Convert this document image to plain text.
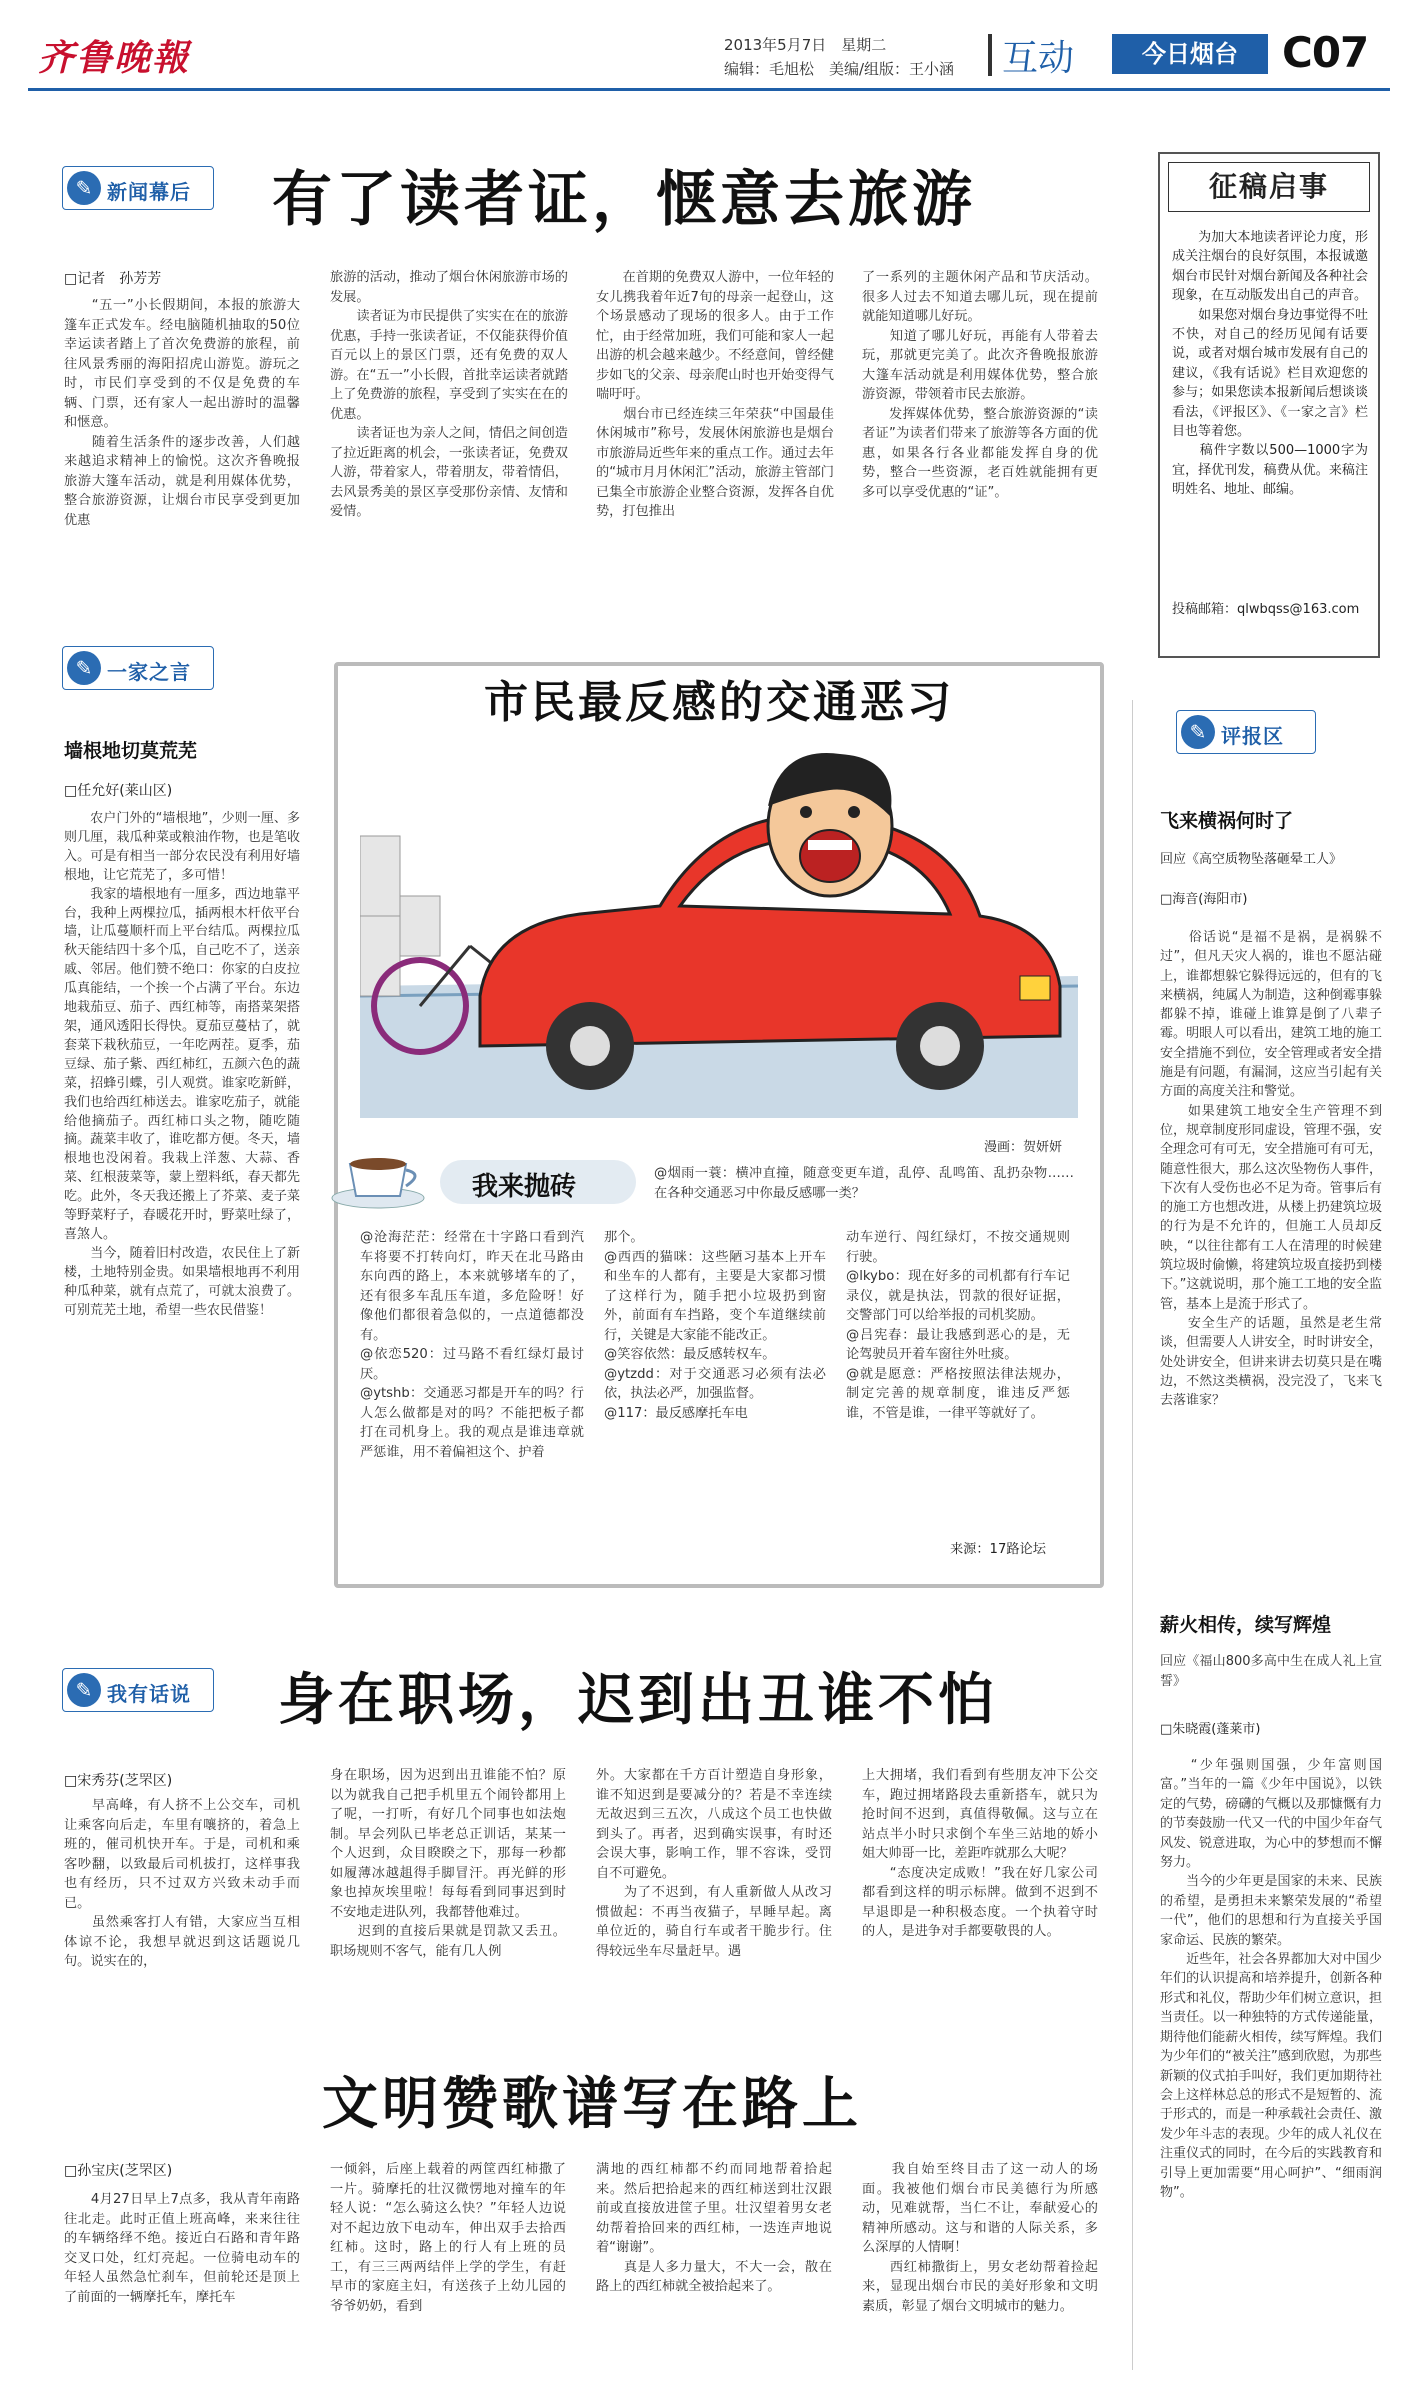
齐鲁晚報	2013年5月7日　星期二
编辑：毛旭松　美编/组版：王小涵 互动	今日烟台	C07
✎ 新闻幕后 有了读者证，惬意去旅游
□记者　孙芳芳
　　“五一”小长假期间，本报的旅游大篷车正式发车。经电脑随机抽取的50位幸运读者踏上了首次免费游的旅程，前往风景秀丽的海阳招虎山游览。游玩之时，市民们享受到的不仅是免费的车辆、门票，还有家人一起出游时的温馨和惬意。
　　随着生活条件的逐步改善，人们越来越追求精神上的愉悦。这次齐鲁晚报旅游大篷车活动，就是利用媒体优势，整合旅游资源，让烟台市民享受到更加优惠
旅游的活动，推动了烟台休闲旅游市场的发展。
　　读者证为市民提供了实实在在的旅游优惠，手持一张读者证，不仅能获得价值百元以上的景区门票，还有免费的双人游。在“五一”小长假，首批幸运读者就踏上了免费游的旅程，享受到了实实在在的优惠。
　　读者证也为亲人之间，情侣之间创造了拉近距离的机会，一张读者证，免费双人游，带着家人，带着朋友，带着情侣，去风景秀美的景区享受那份亲情、友情和爱情。
　　在首期的免费双人游中，一位年轻的女儿携我着年近7旬的母亲一起登山，这个场景感动了现场的很多人。由于工作忙，由于经常加班，我们可能和家人一起出游的机会越来越少。不经意间，曾经健步如飞的父亲、母亲爬山时也开始变得气喘吁吁。
　　烟台市已经连续三年荣获“中国最佳休闲城市”称号，发展休闲旅游也是烟台市旅游局近些年来的重点工作。通过去年的“城市月月休闲汇”活动，旅游主管部门已集全市旅游企业整合资源，发挥各自优势，打包推出
了一系列的主题休闲产品和节庆活动。很多人过去不知道去哪儿玩，现在提前就能知道哪儿好玩。
　　知道了哪儿好玩，再能有人带着去玩，那就更完美了。此次齐鲁晚报旅游大篷车活动就是利用媒体优势，整合旅游资源，带领着市民去旅游。
　　发挥媒体优势，整合旅游资源的“读者证”为读者们带来了旅游等各方面的优惠，如果各行各业都能发挥自身的优势，整合一些资源，老百姓就能拥有更多可以享受优惠的“证”。
征稿启事
　　为加大本地读者评论力度，形成关注烟台的良好氛围，本报诚邀烟台市民针对烟台新闻及各种社会现象，在互动版发出自己的声音。
　　如果您对烟台身边事觉得不吐不快，对自己的经历见闻有话要说，或者对烟台城市发展有自己的建议，《我有话说》栏目欢迎您的参与；如果您读本报新闻后想谈谈看法，《评报区》、《一家之言》栏目也等着您。
　　稿件字数以500—1000字为宜，择优刊发，稿费从优。来稿注明姓名、地址、邮编。
投稿邮箱：qlwbqss@163.com
✎ 一家之言
墙根地切莫荒芜
□任允好(莱山区)
　　农户门外的“墙根地”，少则一厘、多则几厘，栽瓜种菜或粮油作物，也是笔收入。可是有相当一部分农民没有利用好墙根地，让它荒芜了，多可惜！
　　我家的墙根地有一厘多，西边地靠平台，我种上两棵拉瓜，插两根木杆依平台墙，让瓜蔓顺杆而上平台结瓜。两棵拉瓜秋天能结四十多个瓜，自己吃不了，送亲戚、邻居。他们赞不绝口：你家的白皮拉瓜真能结，一个挨一个占满了平台。东边地栽茄豆、茄子、西红柿等，南搭菜架搭架，通风透阳长得快。夏茄豆蔓枯了，就套菜下栽秋茄豆，一年吃两茬。夏季，茄豆绿、茄子紫、西红柿红，五颜六色的蔬菜，招蜂引蝶，引人观赏。谁家吃新鲜，我们也给西红柿送去。谁家吃茄子，就能给他摘茄子。西红柿口头之物，随吃随摘。蔬菜丰收了，谁吃都方便。冬天，墙根地也没闲着。我栽上洋葱、大蒜、香菜、红根菠菜等，蒙上塑料纸，春天都先吃。此外，冬天我还搬上了芥菜、麦子菜等野菜籽子，春暖花开时，野菜吐绿了，喜煞人。
　　当今，随着旧村改造，农民住上了新楼，土地特别金贵。如果墙根地再不利用种瓜种菜，就有点荒了，可就太浪费了。可别荒芜土地，希望一些农民借鉴！
市民最反感的交通恶习
漫画：贺妍妍
我来抛砖	@烟雨一蓑：横冲直撞，随意变更车道，乱停、乱鸣笛、乱扔杂物……在各种交通恶习中你最反感哪一类？
@沧海茫茫：经常在十字路口看到汽车将要不打转向灯，昨天在北马路由东向西的路上，本来就够堵车的了，还有很多车乱压车道，多危险呀！好像他们都很着急似的，一点道德都没有。
@依恋520：过马路不看红绿灯最讨厌。
@ytshb：交通恶习都是开车的吗？行人怎么做都是对的吗？不能把板子都打在司机身上。我的观点是谁违章就严惩谁，用不着偏袒这个、护着
那个。
@西西的猫咪：这些陋习基本上开车和坐车的人都有，主要是大家都习惯了这样行为，随手把小垃圾扔到窗外，前面有车挡路，变个车道继续前行，关键是大家能不能改正。
@笑容依然：最反感转权车。
@ytzdd：对于交通恶习必须有法必依，执法必严，加强监督。
@117：最反感摩托车电
动车逆行、闯红绿灯，不按交通规则行驶。
@lkybo：现在好多的司机都有行车记录仪，就是执法，罚款的很好证据，交警部门可以给举报的司机奖励。
@吕宪春：最让我感到恶心的是，无论驾驶员开着车窗往外吐痰。
@就是愿意：严格按照法律法规办，制定完善的规章制度，谁违反严惩谁，不管是谁，一律平等就好了。
来源：17路论坛
✎ 评报区
飞来横祸何时了
回应《高空质物坠落砸晕工人》
□海音(海阳市)
　　俗话说“是福不是祸，是祸躲不过”，但凡天灾人祸的，谁也不愿沾碰上，谁都想躲它躲得远远的，但有的飞来横祸，纯属人为制造，这种倒霉事躲都躲不掉，谁碰上谁算是倒了八辈子霉。明眼人可以看出，建筑工地的施工安全措施不到位，安全管理或者安全措施是有问题，有漏洞，这应当引起有关方面的高度关注和警觉。
　　如果建筑工地安全生产管理不到位，规章制度形同虚设，管理不强，安全理念可有可无，安全措施可有可无，随意性很大，那么这次坠物伤人事件，下次有人受伤也必不足为奇。管事后有的施工方也想改进，从楼上扔建筑垃圾的行为是不允许的，但施工人员却反映，“以往往都有工人在清理的时候建筑垃圾时偷懒，将建筑垃圾直接扔到楼下。”这就说明，那个施工工地的安全监管，基本上是流于形式了。
　　安全生产的话题，虽然是老生常谈，但需要人人讲安全，时时讲安全，处处讲安全，但讲来讲去切莫只是在嘴边，不然这类横祸，没完没了，飞来飞去落谁家？
薪火相传，续写辉煌
回应《福山800多高中生在成人礼上宣誓》
□朱晓霞(蓬莱市)
　　“少年强则国强，少年富则国富。”当年的一篇《少年中国说》，以铁定的气势，磅礴的气概以及那慷慨有力的节奏鼓励一代又一代的中国少年奋气风发、锐意进取，为心中的梦想而不懈努力。
　　当今的少年更是国家的未来、民族的希望，是勇担未来繁荣发展的“希望一代”，他们的思想和行为直接关乎国家命运、民族的繁荣。
　　近些年，社会各界都加大对中国少年们的认识提高和培养提升，创新各种形式和礼仪，帮助少年们树立意识，担当责任。以一种独特的方式传递能量，期待他们能薪火相传，续写辉煌。我们为少年们的“被关注”感到欣慰，为那些新颖的仪式拍手叫好，我们更加期待社会上这样林总总的形式不是短暂的、流于形式的，而是一种承载社会责任、激发少年斗志的表现。少年的成人礼仪在注重仪式的同时，在今后的实践教育和引导上更加需要“用心呵护”、“细雨润物”。
✎ 我有话说 身在职场，迟到出丑谁不怕
□宋秀芬(芝罘区)
　　早高峰，有人挤不上公交车，司机让乘客向后走，车里有嚷挤的，着急上班的，催司机快开车。于是，司机和乘客吵翻，以致最后司机拔打，这样事我也有经历，只不过双方兴致未动手而已。
　　虽然乘客打人有错，大家应当互相体谅不论，我想早就迟到这话题说几句。说实在的，
身在职场，因为迟到出丑谁能不怕？原以为就我自己把手机里五个闹铃都用上了呢，一打听，有好几个同事也如法炮制。早会列队已毕老总正训话，某某一个人迟到，众目睽睽之下，那每一秒都如履薄冰越趄得手脚冒汗。再光鲜的形象也掉灰埃里啦！每每看到同事迟到时不安地走进队列，我都替他难过。
　　迟到的直接后果就是罚款又丢丑。职场规则不客气，能有几人例
外。大家都在千方百计塑造自身形象，谁不知迟到是要减分的？若是不幸连续无故迟到三五次，八成这个员工也快做到头了。再者，迟到确实误事，有时还会误大事，影响工作，罪不容诛，受罚自不可避免。
　　为了不迟到，有人重新做人从改习惯做起：不再当夜猫子，早睡早起。离单位近的，骑自行车或者干脆步行。住得较远坐车尽量赶早。遇
上大拥堵，我们看到有些朋友冲下公交车，跑过拥堵路段去重新搭车，就只为抢时间不迟到，真值得敬佩。这与立在站点半小时只求倒个车坐三站地的娇小姐大帅哥一比，差距咋就那么大呢？
　　“态度决定成败！”我在好几家公司都看到这样的明示标牌。做到不迟到不早退即是一种积极态度。一个执着守时的人，是进争对手都要敬畏的人。
文明赞歌谱写在路上
□孙宝庆(芝罘区)
　　4月27日早上7点多，我从青年南路往北走。此时正值上班高峰，来来往往的车辆络绎不绝。接近白石路和青年路交叉口处，红灯亮起。一位骑电动车的年轻人虽然急忙刹车，但前轮还是顶上了前面的一辆摩托车，摩托车
一倾斜，后座上载着的两筐西红柿撒了一片。骑摩托的壮汉微愣地对撞车的年轻人说：“怎么骑这么快？”年轻人边说对不起边放下电动车，伸出双手去拾西红柿。这时，路上的行人有上班的员工，有三三两两结伴上学的学生，有赶早市的家庭主妇，有送孩子上幼儿园的爷爷奶奶，看到
满地的西红柿都不约而同地帮着拾起来。然后把拾起来的西红柿送到壮汉跟前或直接放进筐子里。壮汉望着男女老幼帮着拾回来的西红柿，一迭连声地说着“谢谢”。
　　真是人多力量大，不大一会，散在路上的西红柿就全被拾起来了。
　　我自始至终目击了这一动人的场面。我被他们烟台市民美德行为所感动，见难就帮，当仁不让，奉献爱心的精神所感动。这与和谐的人际关系，多么深厚的人情啊！
　　西红柿撒街上，男女老幼帮着捡起来，显现出烟台市民的美好形象和文明素质，彰显了烟台文明城市的魅力。
